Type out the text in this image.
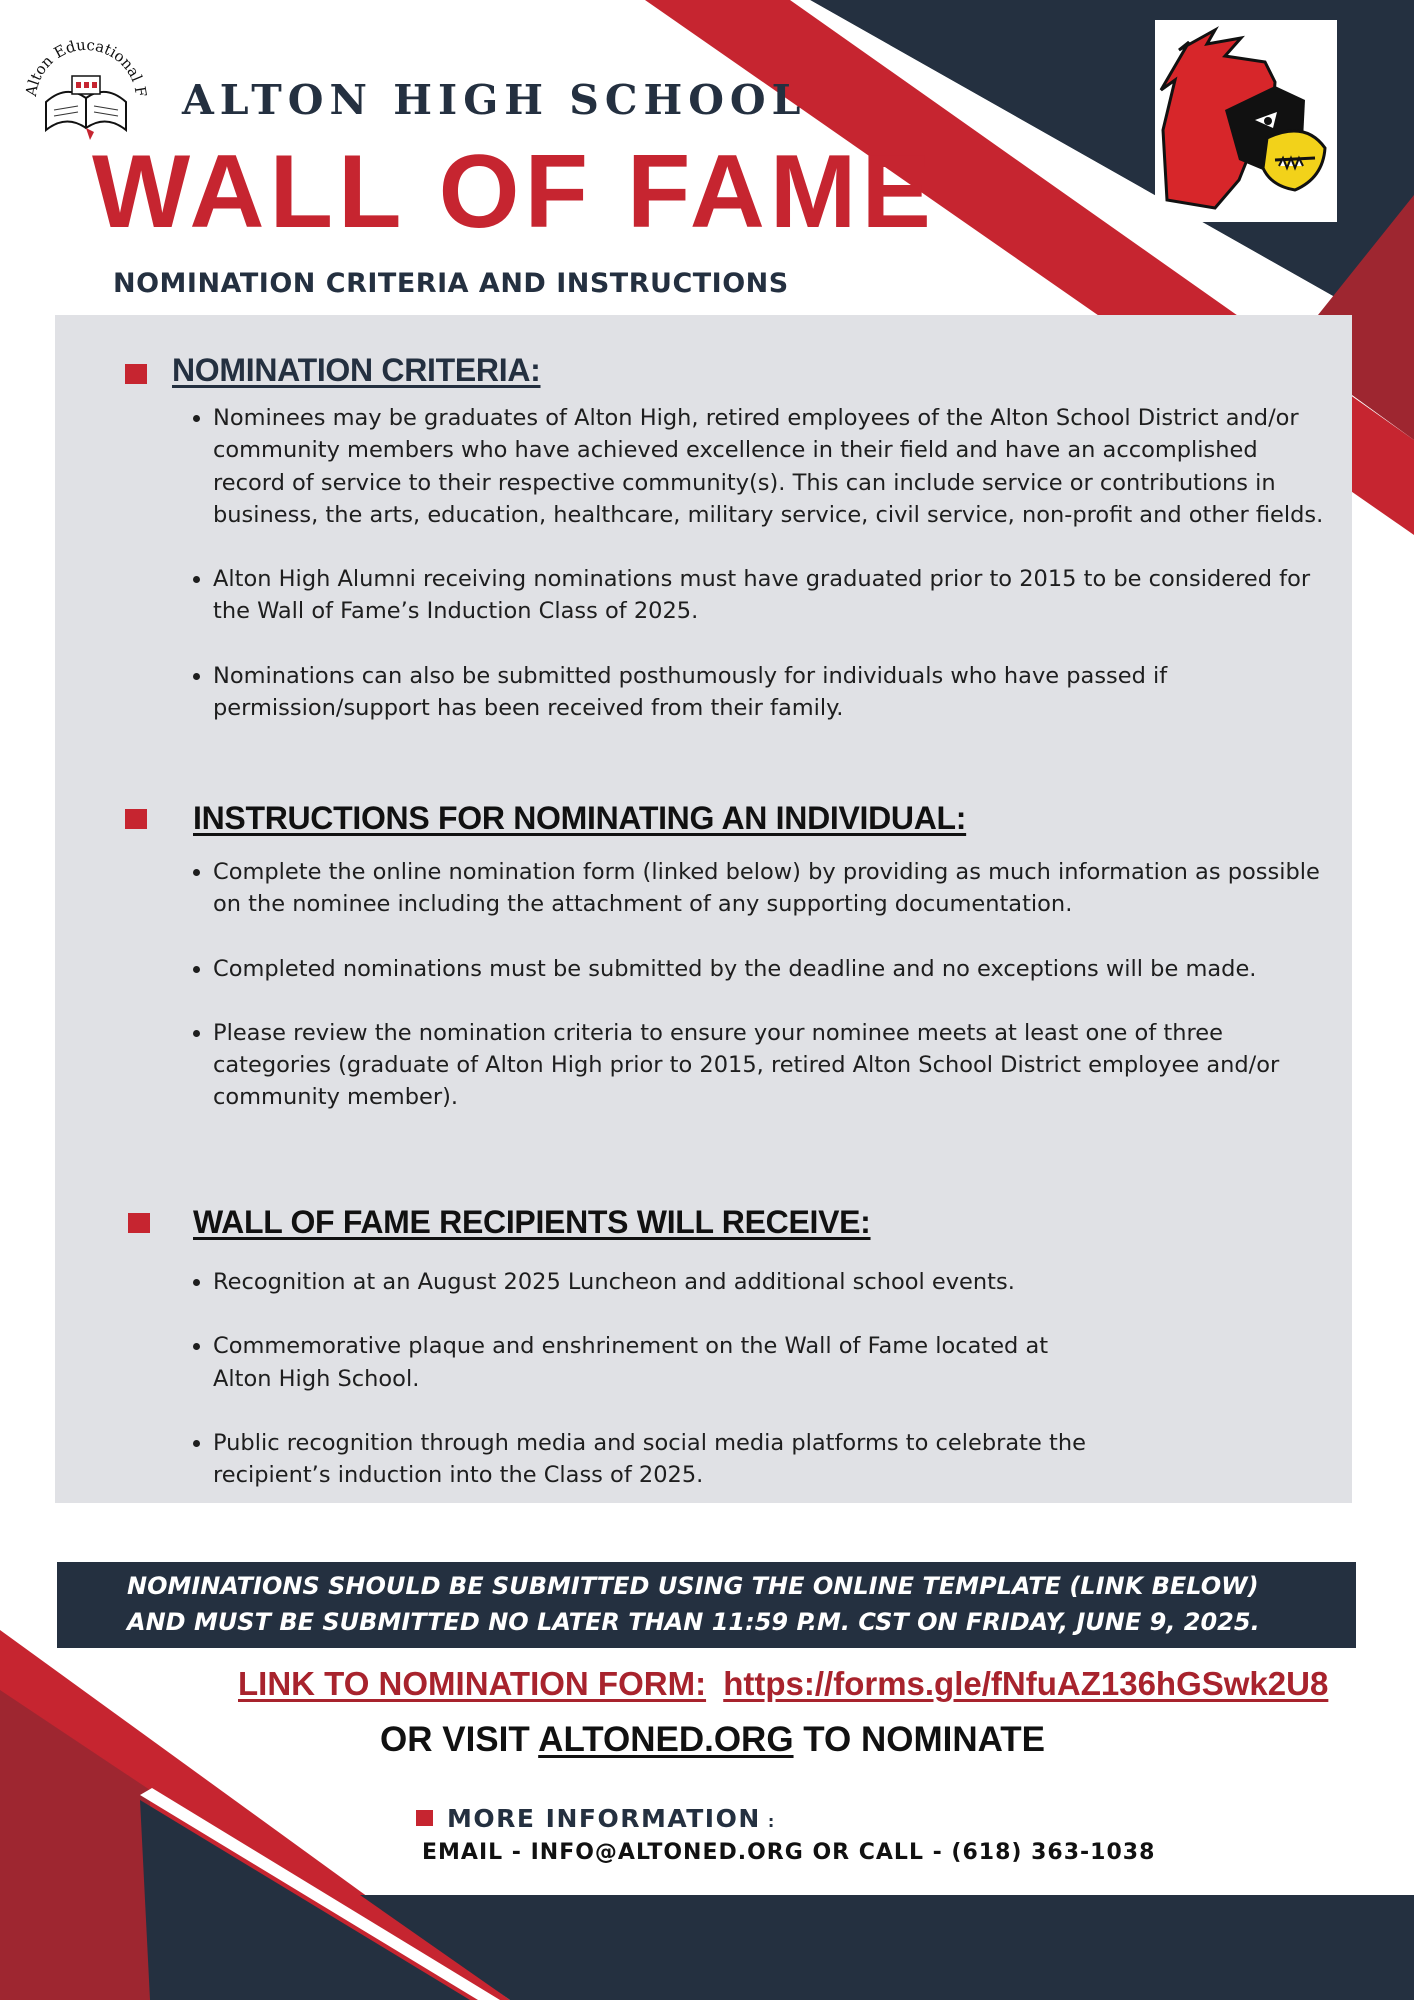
Alton Educational F ALTON HIGH SCHOOL
WALL OF FAME
NOMINATION CRITERIA AND INSTRUCTIONS
NOMINATION CRITERIA:
• Nominees may be graduates of Alton High, retired employees of the Alton School District and/or community members who have achieved excellence in their field and have an accomplished record of service to their respective community(s). This can include service or contributions in business, the arts, education, healthcare, military service, civil service, non-profit and other fields.
• Alton High Alumni receiving nominations must have graduated prior to 2015 to be considered for the Wall of Fame’s Induction Class of 2025.
• Nominations can also be submitted posthumously for individuals who have passed if permission/support has been received from their family.
INSTRUCTIONS FOR NOMINATING AN INDIVIDUAL:
• Complete the online nomination form (linked below) by providing as much information as possible on the nominee including the attachment of any supporting documentation.
• Completed nominations must be submitted by the deadline and no exceptions will be made.
• Please review the nomination criteria to ensure your nominee meets at least one of three categories (graduate of Alton High prior to 2015, retired Alton School District employee and/or community member).
WALL OF FAME RECIPIENTS WILL RECEIVE:
• Recognition at an August 2025 Luncheon and additional school events.
• Commemorative plaque and enshrinement on the Wall of Fame located at Alton High School.
• Public recognition through media and social media platforms to celebrate the recipient’s induction into the Class of 2025.
NOMINATIONS SHOULD BE SUBMITTED USING THE ONLINE TEMPLATE (LINK BELOW)
AND MUST BE SUBMITTED NO LATER THAN 11:59 P.M. CST ON FRIDAY, JUNE 9, 2025.
LINK TO NOMINATION FORM: https://forms.gle/fNfuAZ136hGSwk2U8
OR VISIT ALTONED.ORG TO NOMINATE
MORE INFORMATION :
EMAIL - INFO@ALTONED.ORG OR CALL - (618) 363-1038
